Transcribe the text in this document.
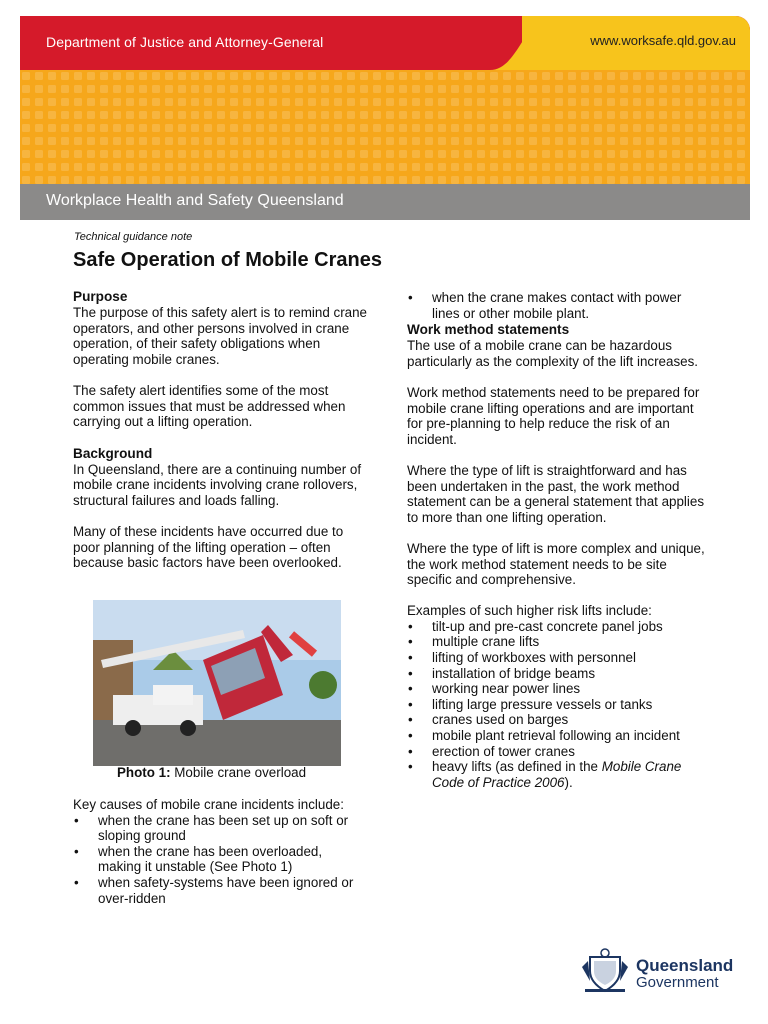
Department of Justice and Attorney-General	www.worksafe.qld.gov.au
Workplace Health and Safety Queensland
Technical guidance note
Safe Operation of Mobile Cranes
Purpose

The purpose of this safety alert is to remind crane operators, and other persons involved in crane operation, of their safety obligations when operating mobile cranes.

The safety alert identifies some of the most common issues that must be addressed when carrying out a lifting operation.

Background

In Queensland, there are a continuing number of mobile crane incidents involving crane rollovers, structural failures and loads falling.

Many of these incidents have occurred due to poor planning of the lifting operation – often because basic factors have been overlooked.

Photo 1: Mobile crane overload

Key causes of mobile crane incidents include:

• when the crane has been set up on soft or sloping ground
• when the crane has been overloaded, making it unstable (See Photo 1)
• when safety-systems have been ignored or over-ridden
• when the crane makes contact with power lines or other mobile plant.
Work method statements

The use of a mobile crane can be hazardous particularly as the complexity of the lift increases.

Work method statements need to be prepared for mobile crane lifting operations and are important for pre-planning to help reduce the risk of an incident.

Where the type of lift is straightforward and has been undertaken in the past, the work method statement can be a general statement that applies to more than one lifting operation.

Where the type of lift is more complex and unique, the work method statement needs to be site specific and comprehensive.

Examples of such higher risk lifts include:

• tilt-up and pre-cast concrete panel jobs
• multiple crane lifts
• lifting of workboxes with personnel
• installation of bridge beams
• working near power lines
• lifting large pressure vessels or tanks
• cranes used on barges
• mobile plant retrieval following an incident
• erection of tower cranes
• heavy lifts (as defined in the Mobile Crane Code of Practice 2006).
Queensland
Government
